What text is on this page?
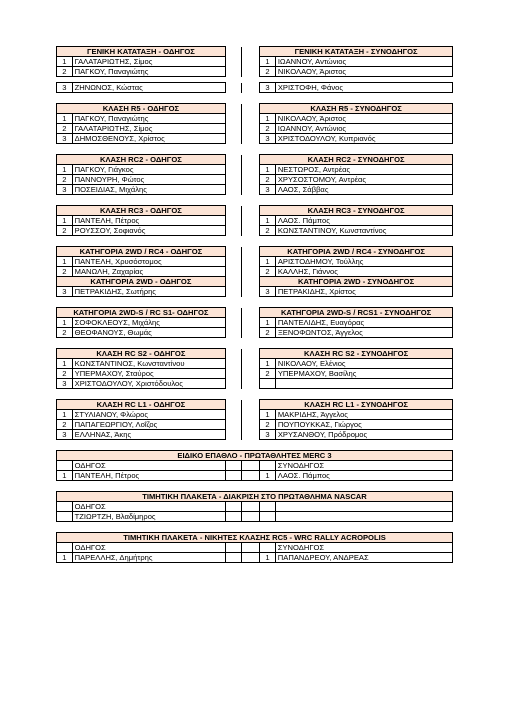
ΓΕΝΙΚΗ ΚΑΤΑΤΑΞΗ - ΟΔΗΓΟΣ				ΓΕΝΙΚΗ ΚΑΤΑΤΑΞΗ - ΣΥΝΟΔΗΓΟΣ	
1	ΓΑΛΑΤΑΡΙΩΤΗΣ, Σίμος			1	ΙΩΑΝΝΟΥ, Αντώνιος
2	ΠΑΓΚΟΥ, Παναγιώτης			2	ΝΙΚΟΛΑΟΥ, Άριστος

3	ΖΗΝΩΝΟΣ, Κώστας			3	ΧΡΙΣΤΟΦΗ, Φάνος
ΚΛΑΣΗ R5 - ΟΔΗΓΟΣ				ΚΛΑΣΗ R5 - ΣΥΝΟΔΗΓΟΣ	
1	ΠΑΓΚΟΥ, Παναγιώτης			1	ΝΙΚΟΛΑΟΥ, Άριστος
2	ΓΑΛΑΤΑΡΙΩΤΗΣ, Σίμος			2	ΙΩΑΝΝΟΥ, Αντώνιος
3	ΔΗΜΟΣΘΕΝΟΥΣ, Χρίστος			3	ΧΡΙΣΤΟΔΟΥΛΟΥ, Κυπριανός
ΚΛΑΣΗ RC2 - ΟΔΗΓΟΣ				ΚΛΑΣΗ RC2 - ΣΥΝΟΔΗΓΟΣ	
1	ΠΑΓΚΟΥ, Γιάγκος			1	ΝΕΣΤΩΡΟΣ, Αντρέας
2	ΠΑΝΝΟΥΡΗ, Φώτος			2	ΧΡΥΣΟΣΤΟΜΟΥ, Αντρέας
3	ΠΟΣΕΙΔΙΑΣ, Μιχάλης			3	ΛΑΟΣ, Σάββας
ΚΛΑΣΗ RC3 - ΟΔΗΓΟΣ				ΚΛΑΣΗ RC3 - ΣΥΝΟΔΗΓΟΣ	
1	ΠΑΝΤΕΛΗ, Πέτρος			1	ΛΑΟΣ. Πάμπος
2	ΡΟΥΣΣΟΥ, Σοφιανός			2	ΚΩΝΣΤΑΝΤΙΝΟΥ, Κωνσταντίνος
ΚΑΤΗΓΟΡΙΑ 2WD / RC4 - ΟΔΗΓΟΣ				ΚΑΤΗΓΟΡΙΑ 2WD / RC4 - ΣΥΝΟΔΗΓΟΣ	
1	ΠΑΝΤΕΛΗ, Χρυσόστομος			1	ΑΡΙΣΤΟΔΗΜΟΥ, Τούλλης
2	ΜΑΝΩΛΗ, Ζαχαρίας			2	ΚΑΛΛΗΣ, Γιάννος
ΚΑΤΗΓΟΡΙΑ 2WD - ΟΔΗΓΟΣ				ΚΑΤΗΓΟΡΙΑ 2WD - ΣΥΝΟΔΗΓΟΣ	
3	ΠΕΤΡΑΚΙΔΗΣ, Σωτήρης			3	ΠΕΤΡΑΚΙΔΗΣ, Χρίστος
ΚΑΤΗΓΟΡΙΑ 2WD-S / RC S1- ΟΔΗΓΟΣ				ΚΑΤΗΓΟΡΙΑ 2WD-S / RCS1 - ΣΥΝΟΔΗΓΟΣ	
1	ΣΟΦΟΚΛΕΟΥΣ, Μιχάλης			1	ΠΑΝΤΕΛΙΔΗΣ, Ευαγόρας
2	ΘΕΟΦΑΝΟΥΣ, Θωμάς			2	ΞΕΝΟΦΩΝΤΟΣ, Άγγελος
ΚΛΑΣΗ RC S2 - ΟΔΗΓΟΣ				ΚΛΑΣΗ RC S2 - ΣΥΝΟΔΗΓΟΣ	
1	ΚΩΝΣΤΑΝΤΙΝΟΣ, Κωνσταντίνου			1	ΝΙΚΟΛΑΟΥ, Ελένιος
2	ΥΠΕΡΜΑΧΟΥ, Σταύρος			2	ΥΠΕΡΜΑΧΟΥ, Βασίλης
3	ΧΡΙΣΤΟΔΟΥΛΟΥ, Χριστόδουλος				
ΚΛΑΣΗ RC L1 - ΟΔΗΓΟΣ				ΚΛΑΣΗ RC L1 - ΣΥΝΟΔΗΓΟΣ	
1	ΣΤΥΛΙΑΝΟΥ, Φλώρος			1	ΜΑΚΡΙΔΗΣ, Άγγελος
2	ΠΑΠΑΓΕΩΡΓΙΟΥ, Λοΐζος			2	ΠΟΥΠΟΥΚΚΑΣ, Γιώργος
3	ΕΛΛΗΝΑΣ, Άκης			3	ΧΡΥΣΑΝΘΟΥ, Πρόδρομος
ΕΙΔΙΚΟ ΕΠΑΘΛΟ - ΠΡΩΤΑΘΛΗΤΕΣ MERC 3					
	ΟΔΗΓΟΣ				ΣΥΝΟΔΗΓΟΣ
1	ΠΑΝΤΕΛΗ, Πέτρος			1	ΛΑΟΣ. Πάμπος
ΤΙΜΗΤΙΚΗ ΠΛΑΚΕΤΑ - ΔΙΑΚΡΙΣΗ ΣΤΟ ΠΡΩΤΑΘΛΗΜΑ NASCAR					
	ΟΔΗΓΟΣ				
	ΤΖΙΩΡΤΖΗ, Βλαδίμηρος				
ΤΙΜΗΤΙΚΗ ΠΛΑΚΕΤΑ - ΝΙΚΗΤΕΣ ΚΛΑΣΗΣ RC5 - WRC RALLY ACROPOLIS					
	ΟΔΗΓΟΣ				ΣΥΝΟΔΗΓΟΣ
1	ΠΑΡΕΛΛΗΣ, Δημήτρης			1	ΠΑΠΑΝΔΡΕΟΥ, ΑΝΔΡΕΑΣ
